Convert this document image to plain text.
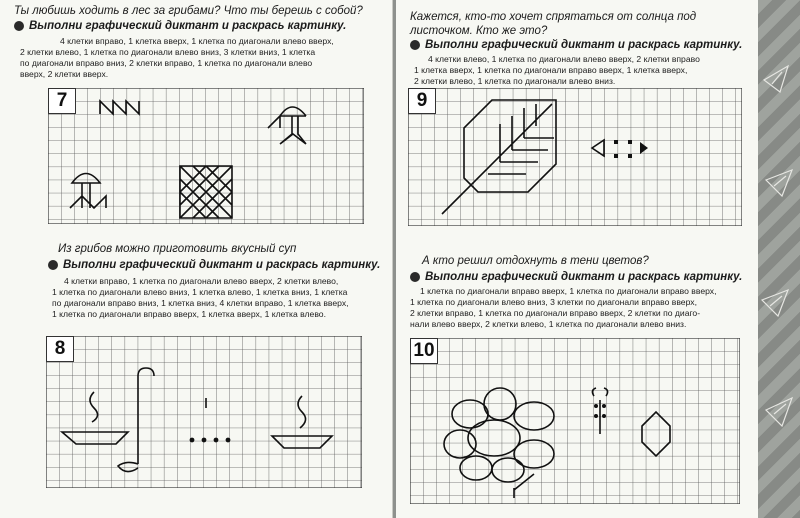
Ты любишь ходить в лес за грибами? Что ты берешь с собой?
Выполни графический диктант и раскрась картинку.
4 клетки вправо, 1 клетка вверх, 1 клетка по диагонали влево вверх,
2 клетки влево, 1 клетка по диагонали влево вниз, 3 клетки вниз, 1 клетка
по диагонали вправо вниз, 2 клетки вправо, 1 клетка по диагонали влево
вверх, 2 клетки вверх.
7
Из грибов можно приготовить вкусный суп
Выполни графический диктант и раскрась картинку.
4 клетки вправо, 1 клетка по диагонали влево вверх, 2 клетки влево,
1 клетка по диагонали влево вниз, 1 клетка влево, 1 клетка вниз, 1 клетка
по диагонали вправо вниз, 1 клетка вниз, 4 клетки вправо, 1 клетка вверх,
1 клетка по диагонали вправо вверх, 1 клетка вверх, 1 клетка влево.
8
Кажется, кто-то хочет спрятаться от солнца под листочком. Кто же это?
Выполни графический диктант и раскрась картинку.
4 клетки влево, 1 клетка по диагонали влево вверх, 2 клетки вправо
1 клетка вверх, 1 клетка по диагонали вправо вверх, 1 клетка вверх,
2 клетки влево, 1 клетка по диагонали влево вниз.
9
А кто решил отдохнуть в тени цветов?
Выполни графический диктант и раскрась картинку.
1 клетка по диагонали вправо вверх, 1 клетка по диагонали вправо вверх,
1 клетка по диагонали влево вниз, 3 клетки по диагонали вправо вверх,
2 клетки вправо, 1 клетка по диагонали вправо вверх, 2 клетки по диаго-
нали влево вверх, 2 клетки влево, 1 клетка по диагонали влево вниз.
10
